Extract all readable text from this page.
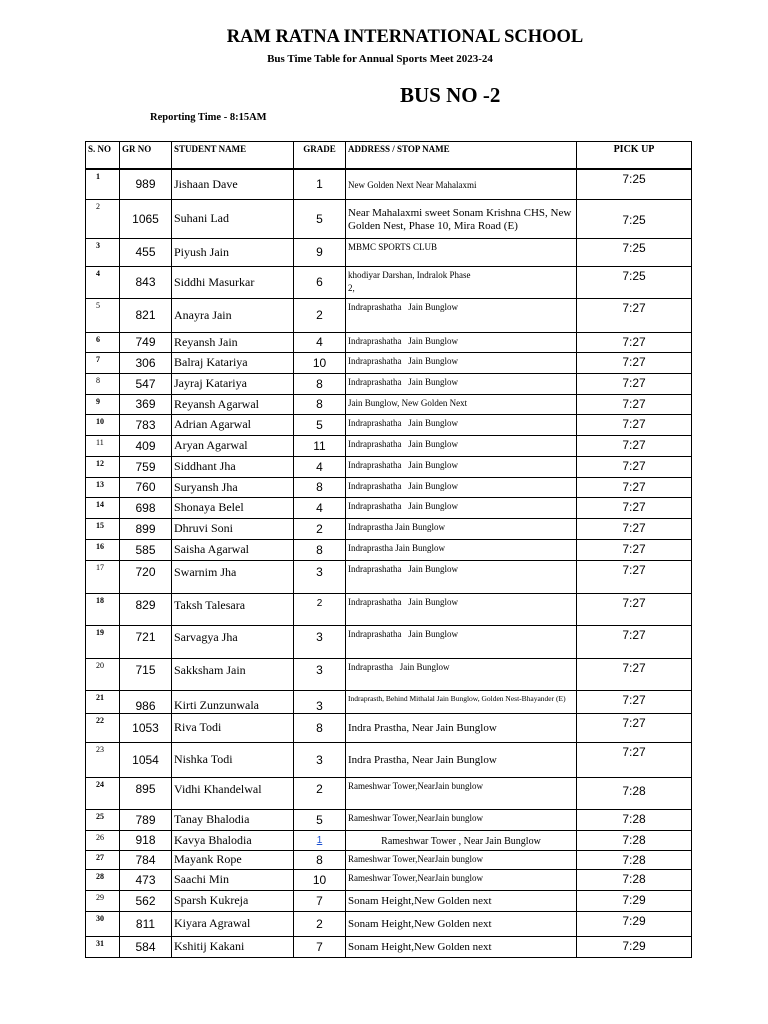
RAM RATNA INTERNATIONAL SCHOOL
Bus Time Table for Annual Sports Meet 2023-24
BUS NO -2
Reporting Time - 8:15AM
S. NO	GR NO	STUDENT NAME	GRADE	ADDRESS / STOP NAME	PICK UP
1	989	Jishaan Dave	1	New Golden Next Near Mahalaxmi	7:25
2	1065	Suhani Lad	5	Near Mahalaxmi sweet Sonam Krishna CHS, New Golden Nest, Phase 10, Mira Road (E)	7:25
3	455	Piyush Jain	9	MBMC SPORTS CLUB	7:25
4	843	Siddhi Masurkar	6	khodiyar Darshan, Indralok Phase 2,	7:25
5	821	Anayra Jain	2	Indraprashatha   Jain Bunglow	7:27
6	749	Reyansh Jain	4	Indraprashatha   Jain Bunglow	7:27
7	306	Balraj Katariya	10	Indraprashatha   Jain Bunglow	7:27
8	547	Jayraj Katariya	8	Indraprashatha   Jain Bunglow	7:27
9	369	Reyansh Agarwal	8	Jain Bunglow, New Golden Next	7:27
10	783	Adrian Agarwal	5	Indraprashatha   Jain Bunglow	7:27
11	409	Aryan Agarwal	11	Indraprashatha   Jain Bunglow	7:27
12	759	Siddhant Jha	4	Indraprashatha   Jain Bunglow	7:27
13	760	Suryansh Jha	8	Indraprashatha   Jain Bunglow	7:27
14	698	Shonaya Belel	4	Indraprashatha   Jain Bunglow	7:27
15	899	Dhruvi Soni	2	Indraprastha Jain Bunglow	7:27
16	585	Saisha Agarwal	8	Indraprastha Jain Bunglow	7:27
17	720	Swarnim Jha	3	Indraprashatha   Jain Bunglow	7:27
18	829	Taksh Talesara	2	Indraprashatha   Jain Bunglow	7:27
19	721	Sarvagya Jha	3	Indraprashatha   Jain Bunglow	7:27
20	715	Sakksham Jain	3	Indraprastha   Jain Bunglow	7:27
21	986	Kirti Zunzunwala	3	Indraprasth, Behind Mithalal Jain Bunglow, Golden Nest-Bhayander (E)	7:27
22	1053	Riva Todi	8	Indra Prastha, Near Jain Bunglow	7:27
23	1054	Nishka Todi	3	Indra Prastha, Near Jain Bunglow	7:27
24	895	Vidhi Khandelwal	2	Rameshwar Tower,NearJain bunglow	7:28
25	789	Tanay Bhalodia	5	Rameshwar Tower,NearJain bunglow	7:28
26	918	Kavya Bhalodia	1	Rameshwar Tower , Near Jain Bunglow	7:28
27	784	Mayank Rope	8	Rameshwar Tower,NearJain bunglow	7:28
28	473	Saachi Min	10	Rameshwar Tower,NearJain bunglow	7:28
29	562	Sparsh Kukreja	7	Sonam Height,New Golden next	7:29
30	811	Kiyara Agrawal	2	Sonam Height,New Golden next	7:29
31	584	Kshitij Kakani	7	Sonam Height,New Golden next	7:29
